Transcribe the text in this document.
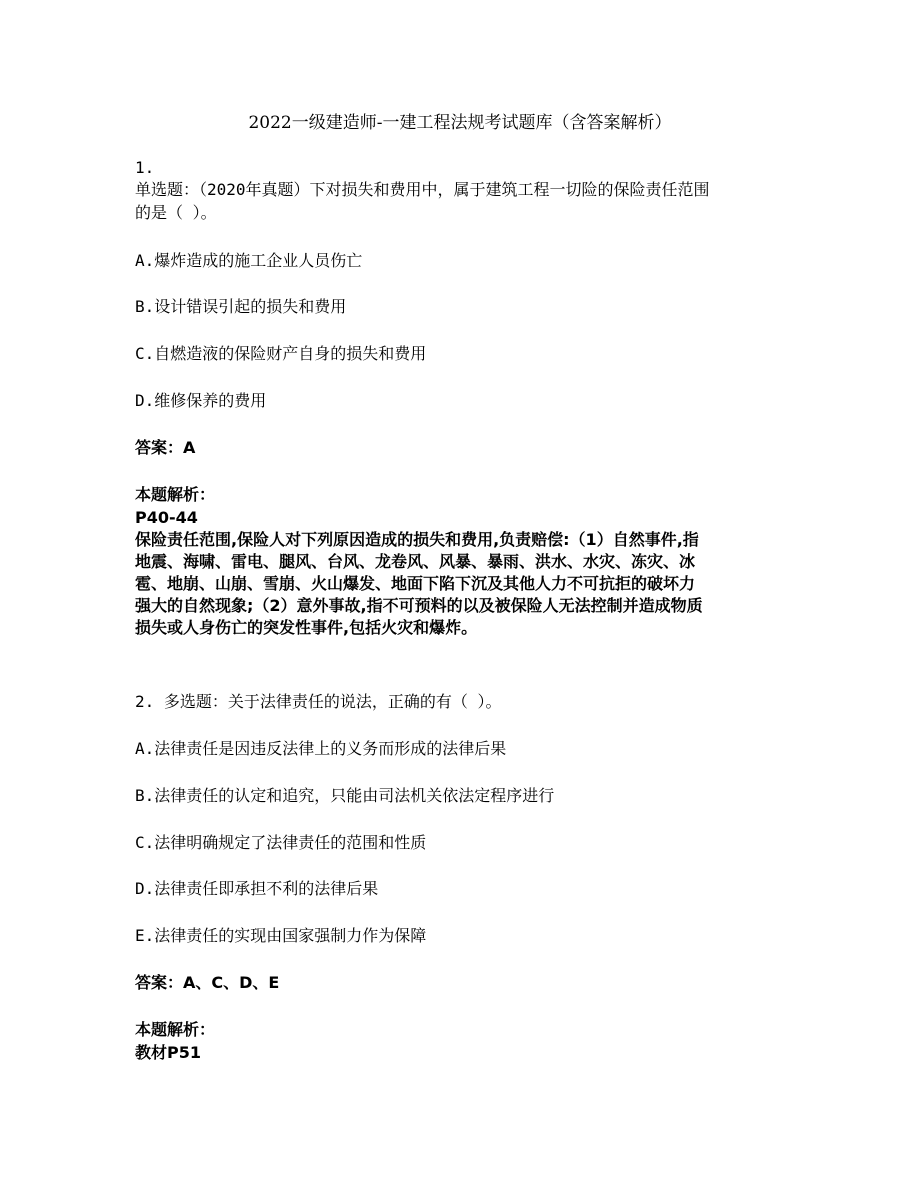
2022一级建造师-一建工程法规考试题库（含答案解析）
1.
单选题：（2020年真题）下对损失和费用中，属于建筑工程一切险的保险责任范围
的是（ ）。
A.爆炸造成的施工企业人员伤亡
B.设计错误引起的损失和费用
C.自燃造液的保险财产自身的损失和费用
D.维修保养的费用
答案：A
本题解析：
P40-44
保险责任范围,保险人对下列原因造成的损失和费用,负责赔偿:（1）自然事件,指
地震、海啸、雷电、腿风、台风、龙卷风、风暴、暴雨、洪水、水灾、冻灾、冰
雹、地崩、山崩、雪崩、火山爆发、地面下陷下沉及其他人力不可抗拒的破坏力
强大的自然现象;（2）意外事故,指不可预料的以及被保险人无法控制并造成物质
损失或人身伤亡的突发性事件,包括火灾和爆炸。
2. 多选题：关于法律责任的说法，正确的有（ ）。
A.法律责任是因违反法律上的义务而形成的法律后果
B.法律责任的认定和追究，只能由司法机关依法定程序进行
C.法律明确规定了法律责任的范围和性质
D.法律责任即承担不利的法律后果
E.法律责任的实现由国家强制力作为保障
答案：A、C、D、E
本题解析：
教材P51
